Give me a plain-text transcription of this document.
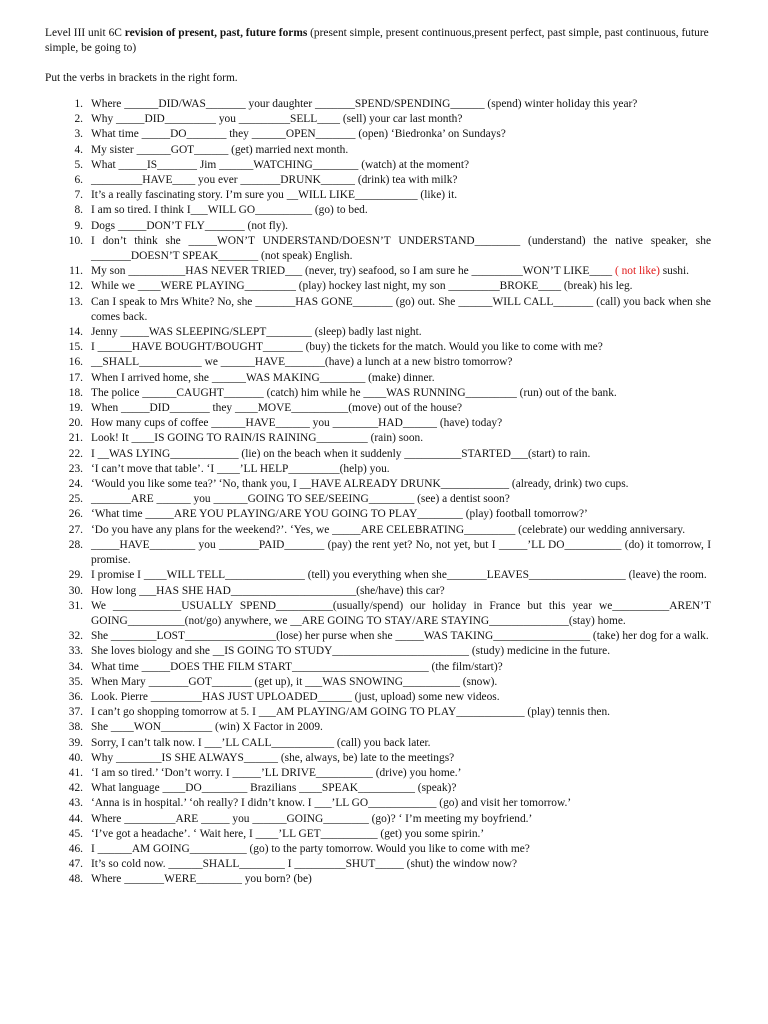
Level III unit 6C revision of present, past, future forms (present simple, present continuous,present perfect, past simple, past continuous, future simple, be going to)
Put the verbs in brackets in the right form.
1. Where ______DID/WAS_______ your daughter _______SPEND/SPENDING______ (spend) winter holiday this year?
2. Why _____DID_________ you _________SELL____ (sell) your car last month?
3. What time _____DO_______ they ______OPEN_______ (open) ‘Biedronka’ on Sundays?
4. My sister ______GOT______ (get) married next month.
5. What _____IS_______ Jim ______WATCHING________ (watch) at the moment?
6. _________HAVE____ you ever _______DRUNK______ (drink) tea with milk?
7. It’s a really fascinating story. I’m sure you __WILL LIKE___________ (like) it.
8. I am so tired. I think I___WILL GO__________ (go) to bed.
9. Dogs _____DON’T FLY_______ (not fly).
10. I don’t think she _____WON’T UNDERSTAND/DOESN’T UNDERSTAND________ (understand) the native speaker, she _______DOESN’T SPEAK_______ (not speak) English.
11. My son __________HAS NEVER TRIED___ (never, try) seafood, so I am sure he _________WON’T LIKE____ ( not like) sushi.
12. While we ____WERE PLAYING_________ (play) hockey last night, my son _________BROKE____ (break) his leg.
13. Can I speak to Mrs White? No, she _______HAS GONE_______ (go) out. She ______WILL CALL_______ (call) you back when she comes back.
14. Jenny _____WAS SLEEPING/SLEPT________ (sleep) badly last night.
15. I ______HAVE BOUGHT/BOUGHT_______ (buy) the tickets for the match. Would you like to come with me?
16. __SHALL___________ we ______HAVE_______(have) a lunch at a new bistro tomorrow?
17. When I arrived home, she ______WAS MAKING________ (make) dinner.
18. The police ______CAUGHT_______ (catch) him while he ____WAS RUNNING_________ (run) out of the bank.
19. When _____DID_______ they ____MOVE__________(move) out of the house?
20. How many cups of coffee ______HAVE______ you ________HAD______ (have) today?
21. Look! It ____IS GOING TO RAIN/IS RAINING_________ (rain) soon.
22. I __WAS LYING____________ (lie) on the beach when it suddenly __________STARTED___(start) to rain.
23. ‘I can’t move that table’. ‘I ____’LL HELP_________(help) you.
24. ‘Would you like some tea?’ ‘No, thank you, I __HAVE ALREADY DRUNK____________ (already, drink) two cups.
25. _______ARE ______ you ______GOING TO SEE/SEEING________ (see) a dentist soon?
26. ‘What time _____ARE YOU PLAYING/ARE YOU GOING TO PLAY________ (play) football tomorrow?’
27. ‘Do you have any plans for the weekend?’. ‘Yes, we _____ARE CELEBRATING_________ (celebrate) our wedding anniversary.
28. _____HAVE________ you _______PAID_______ (pay) the rent yet? No, not yet, but I _____’LL DO__________ (do) it tomorrow, I promise.
29. I promise I ____WILL TELL______________ (tell) you everything when she_______LEAVES_________________ (leave) the room.
30. How long ___HAS SHE HAD______________________(she/have) this car?
31. We ____________USUALLY SPEND__________(usually/spend) our holiday in France but this year we__________AREN’T GOING__________(not/go) anywhere, we __ARE GOING TO STAY/ARE STAYING______________(stay) home.
32. She ________LOST________________(lose) her purse when she _____WAS TAKING_________________ (take) her dog for a walk.
33. She loves biology and she __IS GOING TO STUDY________________________ (study) medicine in the future.
34. What time _____DOES THE FILM START________________________ (the film/start)?
35. When Mary _______GOT_______ (get up), it ___WAS SNOWING__________ (snow).
36. Look. Pierre _________HAS JUST UPLOADED______ (just, upload) some new videos.
37. I can’t go shopping tomorrow at 5. I ___AM PLAYING/AM GOING TO PLAY____________ (play) tennis then.
38. She ____WON_________ (win) X Factor in 2009.
39. Sorry, I can’t talk now. I ___’LL CALL___________ (call) you back later.
40. Why ________IS SHE ALWAYS______ (she, always, be) late to the meetings?
41. ‘I am so tired.’ ‘Don’t worry. I _____’LL DRIVE__________ (drive) you home.’
42. What language ____DO________ Brazilians ____SPEAK__________ (speak)?
43. ‘Anna is in hospital.’ ‘oh really? I didn’t know. I ___’LL GO____________ (go) and visit her tomorrow.’
44. Where _________ARE _____ you ______GOING________ (go)? ‘ I’m meeting my boyfriend.’
45. ‘I’ve got a headache’. ‘ Wait here, I ____’LL GET__________ (get) you some spirin.’
46. I ______AM GOING__________ (go) to the party tomorrow. Would you like to come with me?
47. It’s so cold now. ______SHALL________ I _________SHUT_____ (shut) the window now?
48. Where _______WERE________ you born? (be)
